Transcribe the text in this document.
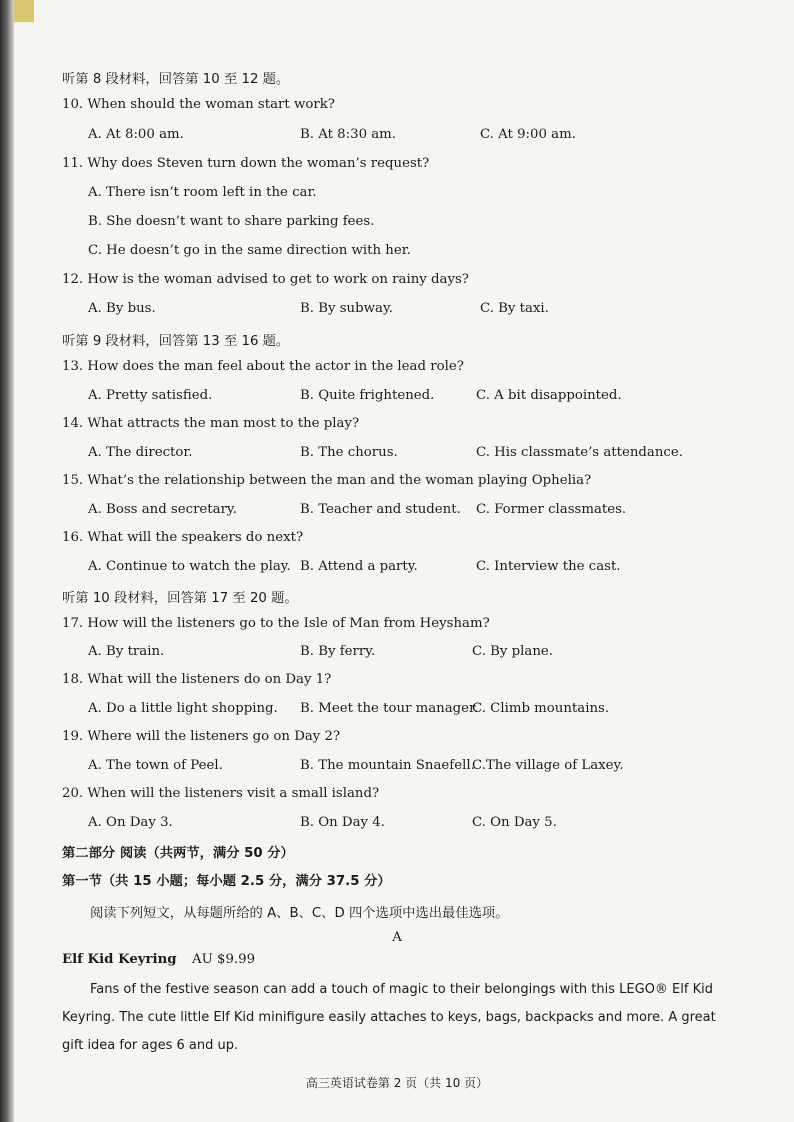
听第 8 段材料，回答第 10 至 12 题。
10. When should the woman start work?
A. At 8:00 am.	B. At 8:30 am.	C. At 9:00 am.
11. Why does Steven turn down the woman’s request?
A. There isn’t room left in the car.
B. She doesn’t want to share parking fees.
C. He doesn’t go in the same direction with her.
12. How is the woman advised to get to work on rainy days?
A. By bus.	B. By subway.	C. By taxi.
听第 9 段材料，回答第 13 至 16 题。
13. How does the man feel about the actor in the lead role?
A. Pretty satisfied.	B. Quite frightened.	C. A bit disappointed.
14. What attracts the man most to the play?
A. The director.	B. The chorus.	C. His classmate’s attendance.
15. What’s the relationship between the man and the woman playing Ophelia?
A. Boss and secretary.	B. Teacher and student. C. Former classmates.
16. What will the speakers do next?
A. Continue to watch the play. B. Attend a party.	C. Interview the cast.
听第 10 段材料，回答第 17 至 20 题。
17. How will the listeners go to the Isle of Man from Heysham?
A. By train.	B. By ferry.	C. By plane.
18. What will the listeners do on Day 1?
A. Do a little light shopping. B. Meet the tour manager.
C. Climb mountains.
19. Where will the listeners go on Day 2?
A. The town of Peel.	B. The mountain Snaefell.
C.The village of Laxey.
20. When will the listeners visit a small island?
A. On Day 3.	B. On Day 4.	C. On Day 5.
第二部分 阅读（共两节，满分 50 分）
第一节（共 15 小题；每小题 2.5 分，满分 37.5 分）
阅读下列短文，从每题所给的 A、B、C、D 四个选项中选出最佳选项。
A
Elf Kid Keyring AU $9.99
Fans of the festive season can add a touch of magic to their belongings with this LEGO® Elf Kid Keyring. The cute little Elf Kid minifigure easily attaches to keys, bags, backpacks and more. A great gift idea for ages 6 and up.
高三英语试卷第 2 页（共 10 页）
